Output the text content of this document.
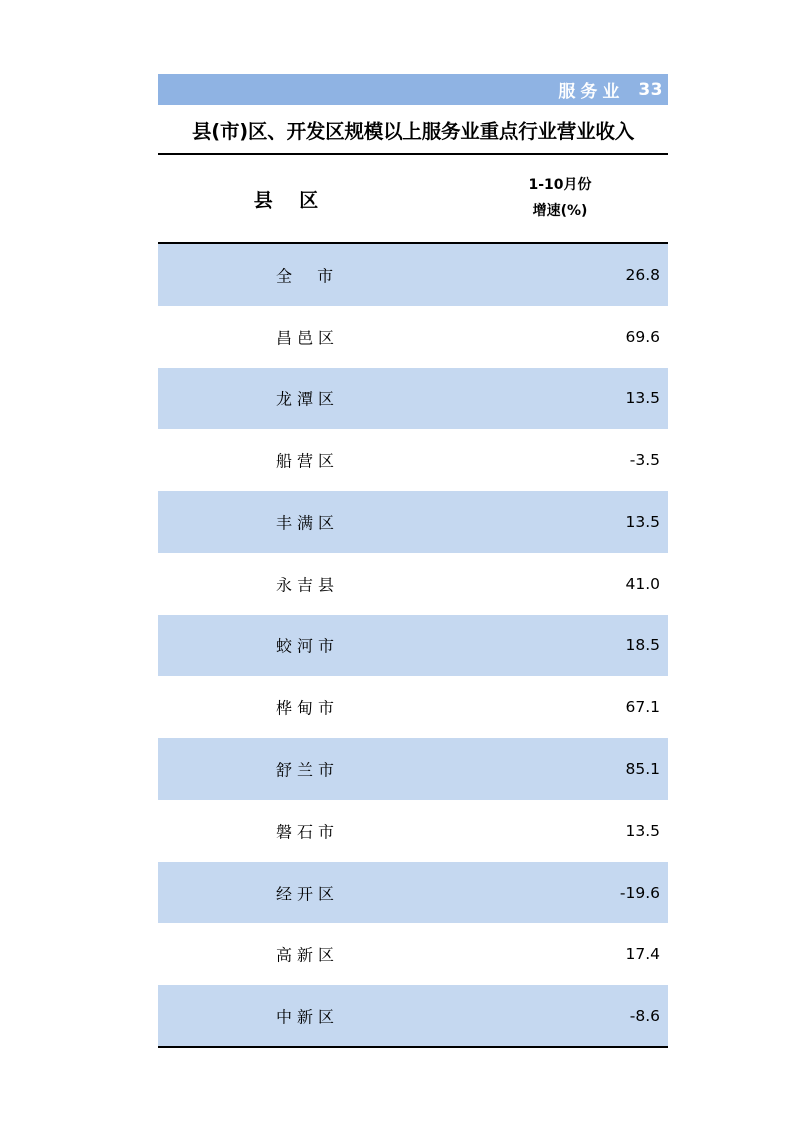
服务业 33
县(市)区、开发区规模以上服务业重点行业营业收入
县 区
1-10月份
增速(%)
全  市	26.8
昌邑区	69.6
龙潭区	13.5
船营区	-3.5
丰满区	13.5
永吉县	41.0
蛟河市	18.5
桦甸市	67.1
舒兰市	85.1
磐石市	13.5
经开区	-19.6
高新区	17.4
中新区	-8.6
